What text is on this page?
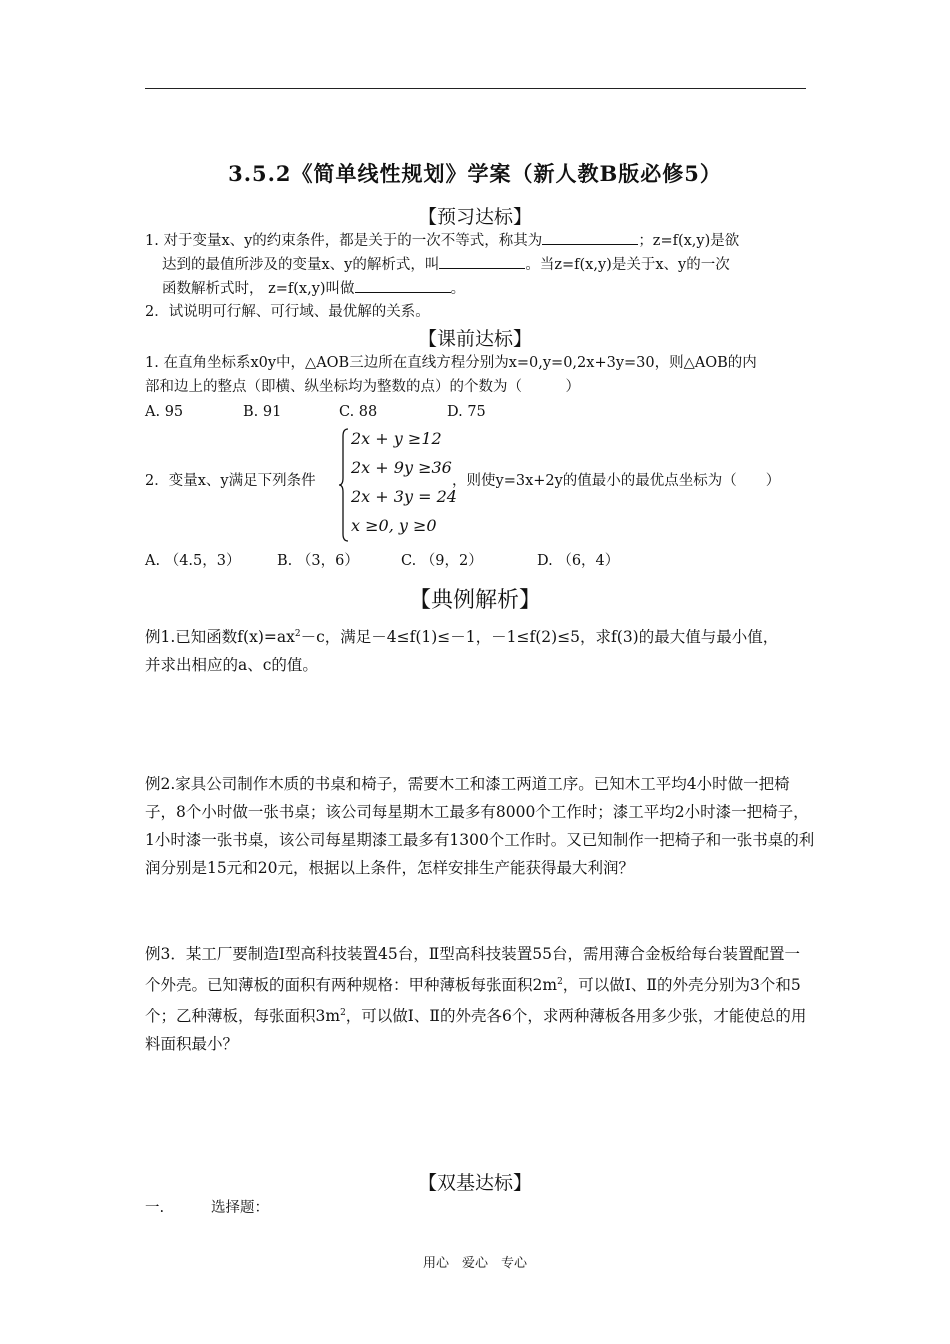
3.5.2《简单线性规划》学案（新人教B版必修5）
【预习达标】
1. 对于变量x、y的约束条件，都是关于的一次不等式，称其为	；z=f(x,y)是欲
达到的最值所涉及的变量x、y的解析式，叫	。当z=f(x,y)是关于x、y的一次
函数解析式时， z=f(x,y)叫做	。
2．试说明可行解、可行域、最优解的关系。
【课前达标】
1. 在直角坐标系x0y中，△AOB三边所在直线方程分别为x=0,y=0,2x+3y=30，则△AOB的内
部和边上的整点（即横、纵坐标均为整数的点）的个数为（　　　）
A. 95	B. 91	C. 88	D. 75
2．变量x、y满足下列条件
2x + y ≥12
2x + 9y ≥36
2x + 3y = 24
x ≥0, y ≥0
，则使y=3x+2y的值最小的最优点坐标为（　　）
A. （4.5，3）	B. （3，6）	C. （9，2）	D. （6，4）
【典例解析】
例1.已知函数$f(x)=ax^2-c$，满足－4≤f(1)≤－1，－1≤f(2)≤5，求f(3)的最大值与最小值，
并求出相应的a、c的值。
例2.家具公司制作木质的书桌和椅子，需要木工和漆工两道工序。已知木工平均4小时做一把椅子，8个小时做一张书桌；该公司每星期木工最多有8000个工作时；漆工平均2小时漆一把椅子，1小时漆一张书桌，该公司每星期漆工最多有1300个工作时。又已知制作一把椅子和一张书桌的利润分别是15元和20元，根据以上条件，怎样安排生产能获得最大利润？
例3．某工厂要制造Ⅰ型高科技装置45台，Ⅱ型高科技装置55台，需用薄合金板给每台装置配置一个外壳。已知薄板的面积有两种规格：甲种薄板每张面积$2m^2$，可以做Ⅰ、Ⅱ的外壳分别为3个和5个；乙种薄板，每张面积$3m^2$，可以做Ⅰ、Ⅱ的外壳各6个，求两种薄板各用多少张，才能使总的用料面积最小？
【双基达标】
一.	选择题：
用心　爱心　专心
